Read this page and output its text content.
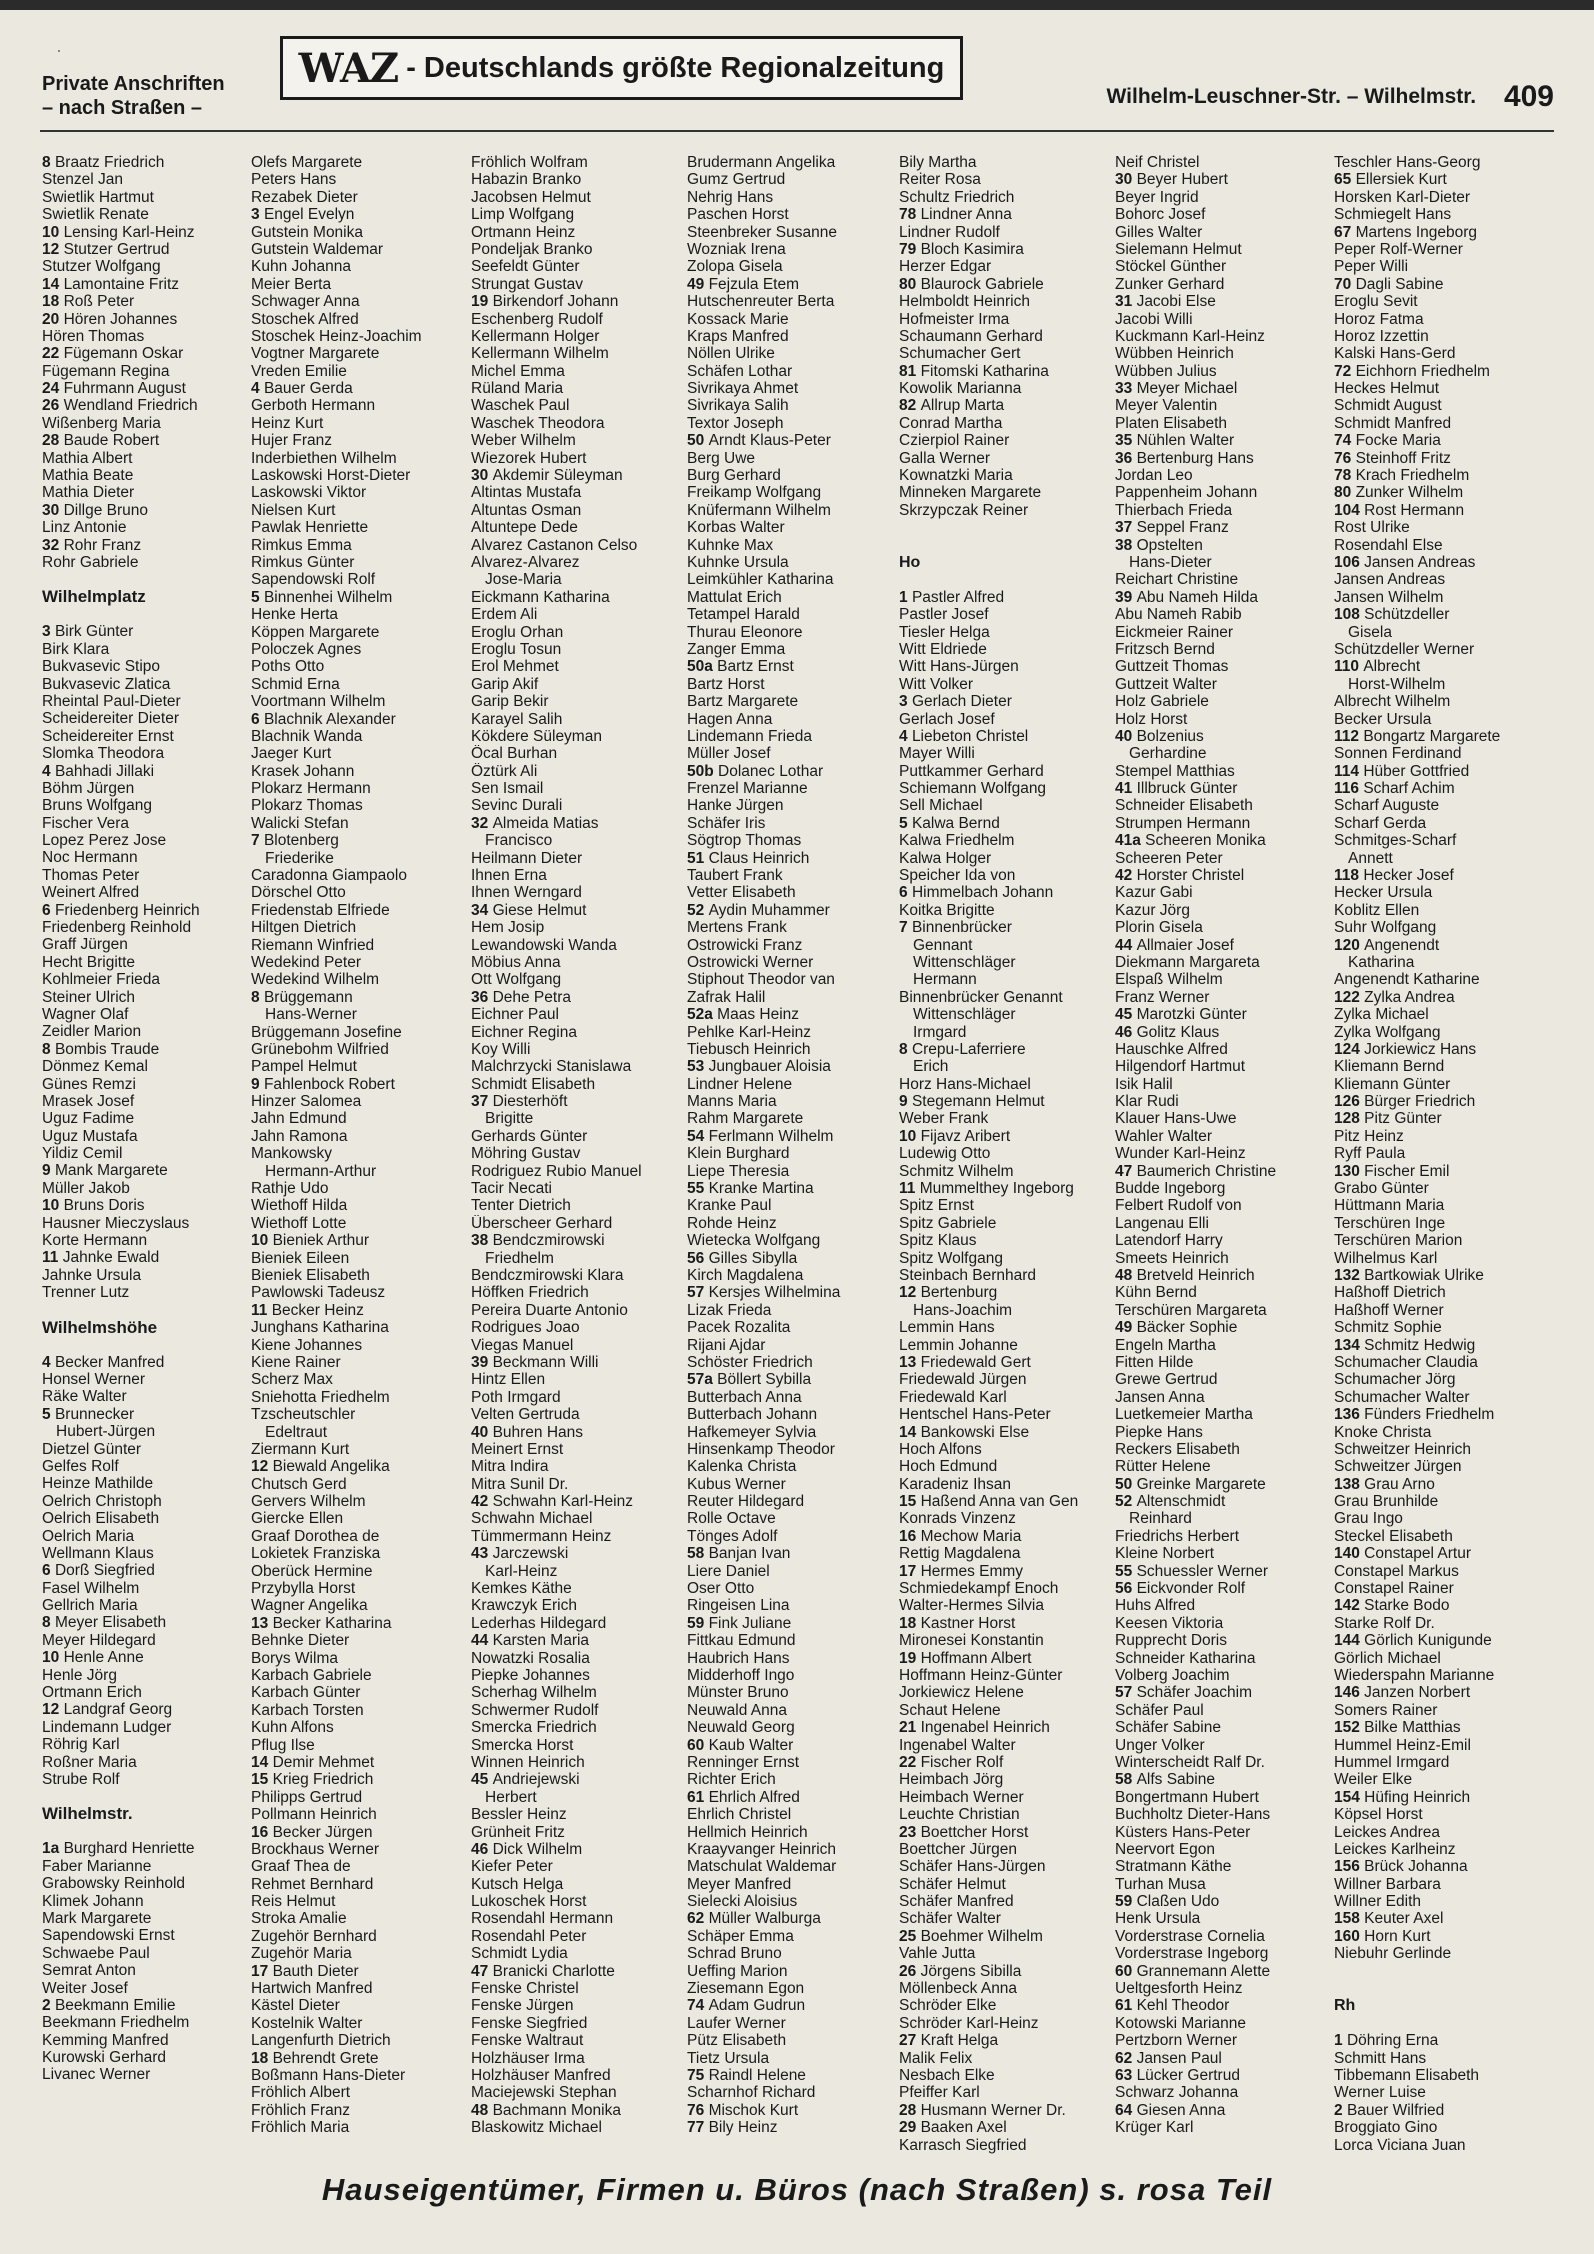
·
Private Anschriften
– nach Straßen –
WAZ - Deutschlands größte Regionalzeitung
Wilhelm-Leuschner-Str. – Wilhelmstr. 409
8 Braatz Friedrich
Stenzel Jan
Swietlik Hartmut
Swietlik Renate
10 Lensing Karl-Heinz
12 Stutzer Gertrud
Stutzer Wolfgang
14 Lamontaine Fritz
18 Roß Peter
20 Hören Johannes
Hören Thomas
22 Fügemann Oskar
Fügemann Regina
24 Fuhrmann August
26 Wendland Friedrich
Wißenberg Maria
28 Baude Robert
Mathia Albert
Mathia Beate
Mathia Dieter
30 Dillge Bruno
Linz Antonie
32 Rohr Franz
Rohr Gabriele
Wilhelmplatz
3 Birk Günter
Birk Klara
Bukvasevic Stipo
Bukvasevic Zlatica
Rheintal Paul-Dieter
Scheidereiter Dieter
Scheidereiter Ernst
Slomka Theodora
4 Bahhadi Jillaki
Böhm Jürgen
Bruns Wolfgang
Fischer Vera
Lopez Perez Jose
Noc Hermann
Thomas Peter
Weinert Alfred
6 Friedenberg Heinrich
Friedenberg Reinhold
Graff Jürgen
Hecht Brigitte
Kohlmeier Frieda
Steiner Ulrich
Wagner Olaf
Zeidler Marion
8 Bombis Traude
Dönmez Kemal
Günes Remzi
Mrasek Josef
Uguz Fadime
Uguz Mustafa
Yildiz Cemil
9 Mank Margarete
Müller Jakob
10 Bruns Doris
Hausner Mieczyslaus
Korte Hermann
11 Jahnke Ewald
Jahnke Ursula
Trenner Lutz
Wilhelmshöhe
4 Becker Manfred
Honsel Werner
Räke Walter
5 Brunnecker
Hubert-Jürgen
Dietzel Günter
Gelfes Rolf
Heinze Mathilde
Oelrich Christoph
Oelrich Elisabeth
Oelrich Maria
Wellmann Klaus
6 Dorß Siegfried
Fasel Wilhelm
Gellrich Maria
8 Meyer Elisabeth
Meyer Hildegard
10 Henle Anne
Henle Jörg
Ortmann Erich
12 Landgraf Georg
Lindemann Ludger
Röhrig Karl
Roßner Maria
Strube Rolf
Wilhelmstr.
1a Burghard Henriette
Faber Marianne
Grabowsky Reinhold
Klimek Johann
Mark Margarete
Sapendowski Ernst
Schwaebe Paul
Semrat Anton
Weiter Josef
2 Beekmann Emilie
Beekmann Friedhelm
Kemming Manfred
Kurowski Gerhard
Livanec Werner
Olefs Margarete
Peters Hans
Rezabek Dieter
3 Engel Evelyn
Gutstein Monika
Gutstein Waldemar
Kuhn Johanna
Meier Berta
Schwager Anna
Stoschek Alfred
Stoschek Heinz-Joachim
Vogtner Margarete
Vreden Emilie
4 Bauer Gerda
Gerboth Hermann
Heinz Kurt
Hujer Franz
Inderbiethen Wilhelm
Laskowski Horst-Dieter
Laskowski Viktor
Nielsen Kurt
Pawlak Henriette
Rimkus Emma
Rimkus Günter
Sapendowski Rolf
5 Binnenhei Wilhelm
Henke Herta
Köppen Margarete
Poloczek Agnes
Poths Otto
Schmid Erna
Voortmann Wilhelm
6 Blachnik Alexander
Blachnik Wanda
Jaeger Kurt
Krasek Johann
Plokarz Hermann
Plokarz Thomas
Walicki Stefan
7 Blotenberg
Friederike
Caradonna Giampaolo
Dörschel Otto
Friedenstab Elfriede
Hiltgen Dietrich
Riemann Winfried
Wedekind Peter
Wedekind Wilhelm
8 Brüggemann
Hans-Werner
Brüggemann Josefine
Grünebohm Wilfried
Pampel Helmut
9 Fahlenbock Robert
Hinzer Salomea
Jahn Edmund
Jahn Ramona
Mankowsky
Hermann-Arthur
Rathje Udo
Wiethoff Hilda
Wiethoff Lotte
10 Bieniek Arthur
Bieniek Eileen
Bieniek Elisabeth
Pawlowski Tadeusz
11 Becker Heinz
Junghans Katharina
Kiene Johannes
Kiene Rainer
Scherz Max
Sniehotta Friedhelm
Tzscheutschler
Edeltraut
Ziermann Kurt
12 Biewald Angelika
Chutsch Gerd
Gervers Wilhelm
Giercke Ellen
Graaf Dorothea de
Lokietek Franziska
Oberück Hermine
Przybylla Horst
Wagner Angelika
13 Becker Katharina
Behnke Dieter
Borys Wilma
Karbach Gabriele
Karbach Günter
Karbach Torsten
Kuhn Alfons
Pflug Ilse
14 Demir Mehmet
15 Krieg Friedrich
Philipps Gertrud
Pollmann Heinrich
16 Becker Jürgen
Brockhaus Werner
Graaf Thea de
Rehmet Bernhard
Reis Helmut
Stroka Amalie
Zugehör Bernhard
Zugehör Maria
17 Bauth Dieter
Hartwich Manfred
Kästel Dieter
Kostelnik Walter
Langenfurth Dietrich
18 Behrendt Grete
Boßmann Hans-Dieter
Fröhlich Albert
Fröhlich Franz
Fröhlich Maria
Fröhlich Wolfram
Habazin Branko
Jacobsen Helmut
Limp Wolfgang
Ortmann Heinz
Pondeljak Branko
Seefeldt Günter
Strungat Gustav
19 Birkendorf Johann
Eschenberg Rudolf
Kellermann Holger
Kellermann Wilhelm
Michel Emma
Rüland Maria
Waschek Paul
Waschek Theodora
Weber Wilhelm
Wiezorek Hubert
30 Akdemir Süleyman
Altintas Mustafa
Altuntas Osman
Altuntepe Dede
Alvarez Castanon Celso
Alvarez-Alvarez
Jose-Maria
Eickmann Katharina
Erdem Ali
Eroglu Orhan
Eroglu Tosun
Erol Mehmet
Garip Akif
Garip Bekir
Karayel Salih
Kökdere Süleyman
Öcal Burhan
Öztürk Ali
Sen Ismail
Sevinc Durali
32 Almeida Matias
Francisco
Heilmann Dieter
Ihnen Erna
Ihnen Werngard
34 Giese Helmut
Hem Josip
Lewandowski Wanda
Möbius Anna
Ott Wolfgang
36 Dehe Petra
Eichner Paul
Eichner Regina
Koy Willi
Malchrzycki Stanislawa
Schmidt Elisabeth
37 Diesterhöft
Brigitte
Gerhards Günter
Möhring Gustav
Rodriguez Rubio Manuel
Tacir Necati
Tenter Dietrich
Überscheer Gerhard
38 Bendczmirowski
Friedhelm
Bendczmirowski Klara
Höffken Friedrich
Pereira Duarte Antonio
Rodrigues Joao
Viegas Manuel
39 Beckmann Willi
Hintz Ellen
Poth Irmgard
Velten Gertruda
40 Buhren Hans
Meinert Ernst
Mitra Indira
Mitra Sunil Dr.
42 Schwahn Karl-Heinz
Schwahn Michael
Tümmermann Heinz
43 Jarczewski
Karl-Heinz
Kemkes Käthe
Krawczyk Erich
Lederhas Hildegard
44 Karsten Maria
Nowatzki Rosalia
Piepke Johannes
Scherhag Wilhelm
Schwermer Rudolf
Smercka Friedrich
Smercka Horst
Winnen Heinrich
45 Andriejewski
Herbert
Bessler Heinz
Grünheit Fritz
46 Dick Wilhelm
Kiefer Peter
Kutsch Helga
Lukoschek Horst
Rosendahl Hermann
Rosendahl Peter
Schmidt Lydia
47 Branicki Charlotte
Fenske Christel
Fenske Jürgen
Fenske Siegfried
Fenske Waltraut
Holzhäuser Irma
Holzhäuser Manfred
Maciejewski Stephan
48 Bachmann Monika
Blaskowitz Michael
Brudermann Angelika
Gumz Gertrud
Nehrig Hans
Paschen Horst
Steenbreker Susanne
Wozniak Irena
Zolopa Gisela
49 Fejzula Etem
Hutschenreuter Berta
Kossack Marie
Kraps Manfred
Nöllen Ulrike
Schäfen Lothar
Sivrikaya Ahmet
Sivrikaya Salih
Textor Joseph
50 Arndt Klaus-Peter
Berg Uwe
Burg Gerhard
Freikamp Wolfgang
Knüfermann Wilhelm
Korbas Walter
Kuhnke Max
Kuhnke Ursula
Leimkühler Katharina
Mattulat Erich
Tetampel Harald
Thurau Eleonore
Zanger Emma
50a Bartz Ernst
Bartz Horst
Bartz Margarete
Hagen Anna
Lindemann Frieda
Müller Josef
50b Dolanec Lothar
Frenzel Marianne
Hanke Jürgen
Schäfer Iris
Sögtrop Thomas
51 Claus Heinrich
Taubert Frank
Vetter Elisabeth
52 Aydin Muhammer
Mertens Frank
Ostrowicki Franz
Ostrowicki Werner
Stiphout Theodor van
Zafrak Halil
52a Maas Heinz
Pehlke Karl-Heinz
Tiebusch Heinrich
53 Jungbauer Aloisia
Lindner Helene
Manns Maria
Rahm Margarete
54 Ferlmann Wilhelm
Klein Burghard
Liepe Theresia
55 Kranke Martina
Kranke Paul
Rohde Heinz
Wietecka Wolfgang
56 Gilles Sibylla
Kirch Magdalena
57 Kersjes Wilhelmina
Lizak Frieda
Pacek Rozalita
Rijani Ajdar
Schöster Friedrich
57a Böllert Sybilla
Butterbach Anna
Butterbach Johann
Hafkemeyer Sylvia
Hinsenkamp Theodor
Kalenka Christa
Kubus Werner
Reuter Hildegard
Rolle Octave
Tönges Adolf
58 Banjan Ivan
Liere Daniel
Oser Otto
Ringeisen Lina
59 Fink Juliane
Fittkau Edmund
Haubrich Hans
Midderhoff Ingo
Münster Bruno
Neuwald Anna
Neuwald Georg
60 Kaub Walter
Renninger Ernst
Richter Erich
61 Ehrlich Alfred
Ehrlich Christel
Hellmich Heinrich
Kraayvanger Heinrich
Matschulat Waldemar
Meyer Manfred
Sielecki Aloisius
62 Müller Walburga
Schäper Emma
Schrad Bruno
Ueffing Marion
Ziesemann Egon
74 Adam Gudrun
Laufer Werner
Pütz Elisabeth
Tietz Ursula
75 Raindl Helene
Scharnhof Richard
76 Mischok Kurt
77 Bily Heinz
Bily Martha
Reiter Rosa
Schultz Friedrich
78 Lindner Anna
Lindner Rudolf
79 Bloch Kasimira
Herzer Edgar
80 Blaurock Gabriele
Helmboldt Heinrich
Hofmeister Irma
Schaumann Gerhard
Schumacher Gert
81 Fitomski Katharina
Kowolik Marianna
82 Allrup Marta
Conrad Martha
Czierpiol Rainer
Galla Werner
Kownatzki Maria
Minneken Margarete
Skrzypczak Reiner
Ho
1 Pastler Alfred
Pastler Josef
Tiesler Helga
Witt Eldriede
Witt Hans-Jürgen
Witt Volker
3 Gerlach Dieter
Gerlach Josef
4 Liebeton Christel
Mayer Willi
Puttkammer Gerhard
Schiemann Wolfgang
Sell Michael
5 Kalwa Bernd
Kalwa Friedhelm
Kalwa Holger
Speicher Ida von
6 Himmelbach Johann
Koitka Brigitte
7 Binnenbrücker
Gennant
Wittenschläger
Hermann
Binnenbrücker Genannt
Wittenschläger
Irmgard
8 Crepu-Laferriere
Erich
Horz Hans-Michael
9 Stegemann Helmut
Weber Frank
10 Fijavz Aribert
Ludewig Otto
Schmitz Wilhelm
11 Mummelthey Ingeborg
Spitz Ernst
Spitz Gabriele
Spitz Klaus
Spitz Wolfgang
Steinbach Bernhard
12 Bertenburg
Hans-Joachim
Lemmin Hans
Lemmin Johanne
13 Friedewald Gert
Friedewald Jürgen
Friedewald Karl
Hentschel Hans-Peter
14 Bankowski Else
Hoch Alfons
Hoch Edmund
Karadeniz Ihsan
15 Haßend Anna van Gen
Konrads Vinzenz
16 Mechow Maria
Rettig Magdalena
17 Hermes Emmy
Schmiedekampf Enoch
Walter-Hermes Silvia
18 Kastner Horst
Mironesei Konstantin
19 Hoffmann Albert
Hoffmann Heinz-Günter
Jorkiewicz Helene
Schaut Helene
21 Ingenabel Heinrich
Ingenabel Walter
22 Fischer Rolf
Heimbach Jörg
Heimbach Werner
Leuchte Christian
23 Boettcher Horst
Boettcher Jürgen
Schäfer Hans-Jürgen
Schäfer Helmut
Schäfer Manfred
Schäfer Walter
25 Boehmer Wilhelm
Vahle Jutta
26 Jörgens Sibilla
Möllenbeck Anna
Schröder Elke
Schröder Karl-Heinz
27 Kraft Helga
Malik Felix
Nesbach Elke
Pfeiffer Karl
28 Husmann Werner Dr.
29 Baaken Axel
Karrasch Siegfried
Neif Christel
30 Beyer Hubert
Beyer Ingrid
Bohorc Josef
Gilles Walter
Sielemann Helmut
Stöckel Günther
Zunker Gerhard
31 Jacobi Else
Jacobi Willi
Kuckmann Karl-Heinz
Wübben Heinrich
Wübben Julius
33 Meyer Michael
Meyer Valentin
Platen Elisabeth
35 Nühlen Walter
36 Bertenburg Hans
Jordan Leo
Pappenheim Johann
Thierbach Frieda
37 Seppel Franz
38 Opstelten
Hans-Dieter
Reichart Christine
39 Abu Nameh Hilda
Abu Nameh Rabib
Eickmeier Rainer
Fritzsch Bernd
Guttzeit Thomas
Guttzeit Walter
Holz Gabriele
Holz Horst
40 Bolzenius
Gerhardine
Stempel Matthias
41 Illbruck Günter
Schneider Elisabeth
Strumpen Hermann
41a Scheeren Monika
Scheeren Peter
42 Horster Christel
Kazur Gabi
Kazur Jörg
Plorin Gisela
44 Allmaier Josef
Diekmann Margareta
Elspaß Wilhelm
Franz Werner
45 Marotzki Günter
46 Golitz Klaus
Hauschke Alfred
Hilgendorf Hartmut
Isik Halil
Klar Rudi
Klauer Hans-Uwe
Wahler Walter
Wunder Karl-Heinz
47 Baumerich Christine
Budde Ingeborg
Felbert Rudolf von
Langenau Elli
Latendorf Harry
Smeets Heinrich
48 Bretveld Heinrich
Kühn Bernd
Terschüren Margareta
49 Bäcker Sophie
Engeln Martha
Fitten Hilde
Grewe Gertrud
Jansen Anna
Luetkemeier Martha
Piepke Hans
Reckers Elisabeth
Rütter Helene
50 Greinke Margarete
52 Altenschmidt
Reinhard
Friedrichs Herbert
Kleine Norbert
55 Schuessler Werner
56 Eickvonder Rolf
Huhs Alfred
Keesen Viktoria
Rupprecht Doris
Schneider Katharina
Volberg Joachim
57 Schäfer Joachim
Schäfer Paul
Schäfer Sabine
Unger Volker
Winterscheidt Ralf Dr.
58 Alfs Sabine
Bongertmann Hubert
Buchholtz Dieter-Hans
Küsters Hans-Peter
Neervort Egon
Stratmann Käthe
Turhan Musa
59 Claßen Udo
Henk Ursula
Vorderstrase Cornelia
Vorderstrase Ingeborg
60 Grannemann Alette
Ueltgesforth Heinz
61 Kehl Theodor
Kotowski Marianne
Pertzborn Werner
62 Jansen Paul
63 Lücker Gertrud
Schwarz Johanna
64 Giesen Anna
Krüger Karl
Teschler Hans-Georg
65 Ellersiek Kurt
Horsken Karl-Dieter
Schmiegelt Hans
67 Martens Ingeborg
Peper Rolf-Werner
Peper Willi
70 Dagli Sabine
Eroglu Sevit
Horoz Fatma
Horoz Izzettin
Kalski Hans-Gerd
72 Eichhorn Friedhelm
Heckes Helmut
Schmidt August
Schmidt Manfred
74 Focke Maria
76 Steinhoff Fritz
78 Krach Friedhelm
80 Zunker Wilhelm
104 Rost Hermann
Rost Ulrike
Rosendahl Else
106 Jansen Andreas
Jansen Andreas
Jansen Wilhelm
108 Schützdeller
Gisela
Schützdeller Werner
110 Albrecht
Horst-Wilhelm
Albrecht Wilhelm
Becker Ursula
112 Bongartz Margarete
Sonnen Ferdinand
114 Hüber Gottfried
116 Scharf Achim
Scharf Auguste
Scharf Gerda
Schmitges-Scharf
Annett
118 Hecker Josef
Hecker Ursula
Koblitz Ellen
Suhr Wolfgang
120 Angenendt
Katharina
Angenendt Katharine
122 Zylka Andrea
Zylka Michael
Zylka Wolfgang
124 Jorkiewicz Hans
Kliemann Bernd
Kliemann Günter
126 Bürger Friedrich
128 Pitz Günter
Pitz Heinz
Ryff Paula
130 Fischer Emil
Grabo Günter
Hüttmann Maria
Terschüren Inge
Terschüren Marion
Wilhelmus Karl
132 Bartkowiak Ulrike
Haßhoff Dietrich
Haßhoff Werner
Schmitz Sophie
134 Schmitz Hedwig
Schumacher Claudia
Schumacher Jörg
Schumacher Walter
136 Fünders Friedhelm
Knoke Christa
Schweitzer Heinrich
Schweitzer Jürgen
138 Grau Arno
Grau Brunhilde
Grau Ingo
Steckel Elisabeth
140 Constapel Artur
Constapel Markus
Constapel Rainer
142 Starke Bodo
Starke Rolf Dr.
144 Görlich Kunigunde
Görlich Michael
Wiederspahn Marianne
146 Janzen Norbert
Somers Rainer
152 Bilke Matthias
Hummel Heinz-Emil
Hummel Irmgard
Weiler Elke
154 Hüfing Heinrich
Köpsel Horst
Leickes Andrea
Leickes Karlheinz
156 Brück Johanna
Willner Barbara
Willner Edith
158 Keuter Axel
160 Horn Kurt
Niebuhr Gerlinde
Rh
1 Döhring Erna
Schmitt Hans
Tibbemann Elisabeth
Werner Luise
2 Bauer Wilfried
Broggiato Gino
Lorca Viciana Juan
Hauseigentümer, Firmen u. Büros (nach Straßen) s. rosa Teil
